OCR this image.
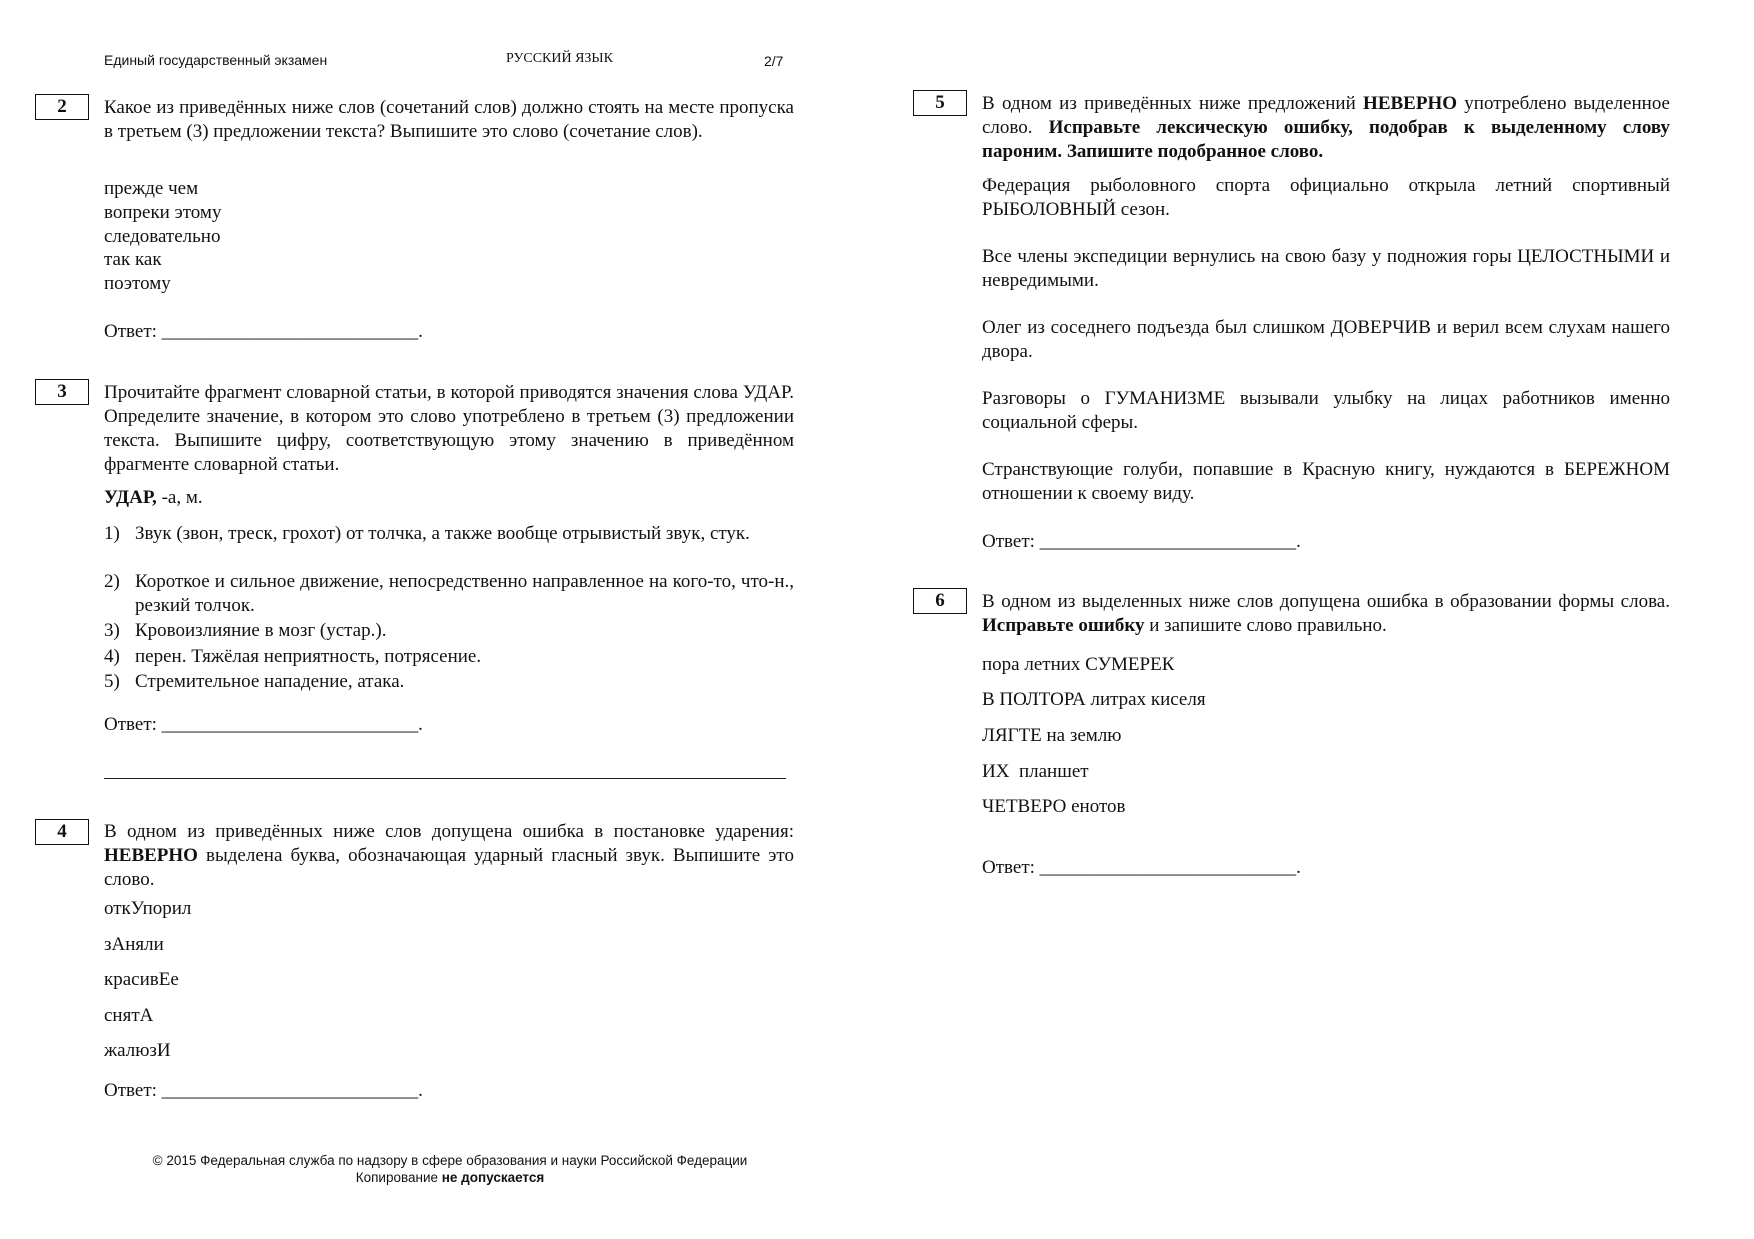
Единый государственный экзамен	РУССКИЙ ЯЗЫК	2/7
2	Какое из приведённых ниже слов (сочетаний слов) должно стоять на месте пропуска в третьем (3) предложении текста? Выпишите это слово (сочетание слов).

прежде чем
вопреки этому
следовательно
так как
поэтому
Ответ: ___________________________.
3	Прочитайте фрагмент словарной статьи, в которой приводятся значения слова УДАР. Определите значение, в котором это слово употреблено в третьем (3) предложении текста. Выпишите цифру, соответствующую этому значению в приведённом фрагменте словарной статьи.

УДАР, -а, м.
1) Звук (звон, треск, грохот) от толчка, а также вообще отрывистый звук, стук.
2) Короткое и сильное движение, непосредственно направленное на кого-то, что-н., резкий толчок.
3) Кровоизлияние в мозг (устар.).
4) перен. Тяжёлая неприятность, потрясение.
5) Стремительное нападение, атака.
Ответ: ___________________________.
4	В одном из приведённых ниже слов допущена ошибка в постановке ударения: НЕВЕРНО выделена буква, обозначающая ударный гласный звук. Выпишите это слово.

откУпорил
зАняли
красивЕе
снятА
жалюзИ
Ответ: ___________________________.
5	В одном из приведённых ниже предложений НЕВЕРНО употреблено выделенное слово. Исправьте лексическую ошибку, подобрав к выделенному слову пароним. Запишите подобранное слово.

Федерация рыболовного спорта официально открыла летний спортивный РЫБОЛОВНЫЙ сезон.

Все члены экспедиции вернулись на свою базу у подножия горы ЦЕЛОСТНЫМИ и невредимыми.

Олег из соседнего подъезда был слишком ДОВЕРЧИВ и верил всем слухам нашего двора.

Разговоры о ГУМАНИЗМЕ вызывали улыбку на лицах работников именно социальной сферы.

Странствующие голуби, попавшие в Красную книгу, нуждаются в БЕРЕЖНОМ отношении к своему виду.

Ответ: ___________________________.
6	В одном из выделенных ниже слов допущена ошибка в образовании формы слова. Исправьте ошибку и запишите слово правильно.

пора летних СУМЕРЕК
В ПОЛТОРА литрах киселя
ЛЯГТЕ на землю
ИХ  планшет
ЧЕТВЕРО енотов
Ответ: ___________________________.
© 2015 Федеральная служба по надзору в сфере образования и науки Российской Федерации
Копирование не допускается
